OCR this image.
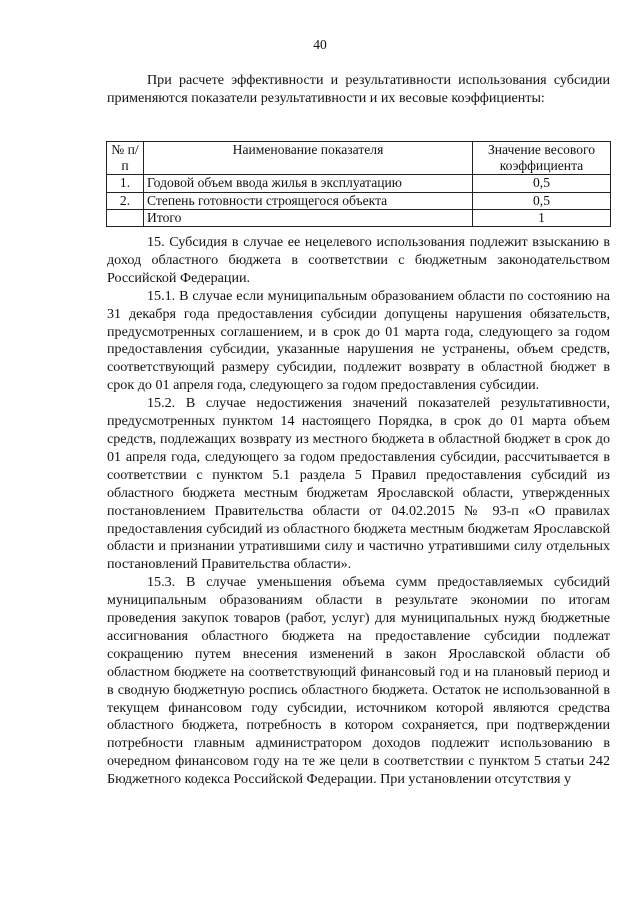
40

При расчете эффективности и результативности использования субсидии применяются показатели результативности и их весовые коэффициенты:

№ п/п	Наименование показателя	Значение весового коэффициента
1.	Годовой объем ввода жилья в эксплуатацию	0,5
2.	Степень готовности строящегося объекта	0,5
	Итого	1

15. Субсидия в случае ее нецелевого использования подлежит взысканию в доход областного бюджета в соответствии с бюджетным законодательством Российской Федерации.

15.1. В случае если муниципальным образованием области по состоянию на 31 декабря года предоставления субсидии допущены нарушения обязательств, предусмотренных соглашением, и в срок до 01 марта года, следующего за годом предоставления субсидии, указанные нарушения не устранены, объем средств, соответствующий размеру субсидии, подлежит возврату в областной бюджет в срок до 01 апреля года, следующего за годом предоставления субсидии.

15.2. В случае недостижения значений показателей результативности, предусмотренных пунктом 14 настоящего Порядка, в срок до 01 марта объем средств, подлежащих возврату из местного бюджета в областной бюджет в срок до 01 апреля года, следующего за годом предоставления субсидии, рассчитывается в соответствии с пунктом 5.1 раздела 5 Правил предоставления субсидий из областного бюджета местным бюджетам Ярославской области, утвержденных постановлением Правительства области от 04.02.2015 № 93-п «О правилах предоставления субсидий из областного бюджета местным бюджетам Ярославской области и признании утратившими силу и частично утратившими силу отдельных постановлений Правительства области».

15.3. В случае уменьшения объема сумм предоставляемых субсидий муниципальным образованиям области в результате экономии по итогам проведения закупок товаров (работ, услуг) для муниципальных нужд бюджетные ассигнования областного бюджета на предоставление субсидии подлежат сокращению путем внесения изменений в закон Ярославской области об областном бюджете на соответствующий финансовый год и на плановый период и в сводную бюджетную роспись областного бюджета. Остаток не использованной в текущем финансовом году субсидии, источником которой являются средства областного бюджета, потребность в котором сохраняется, при подтверждении потребности главным администратором доходов подлежит использованию в очередном финансовом году на те же цели в соответствии с пунктом 5 статьи 242 Бюджетного кодекса Российской Федерации. При установлении отсутствия у
